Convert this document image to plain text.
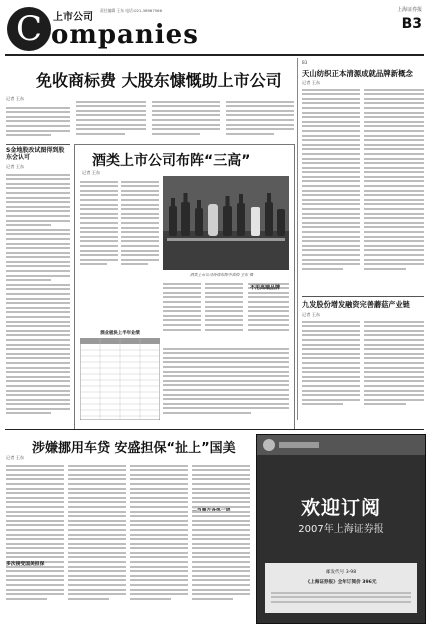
C	上市公司
ompanies
责任编辑 王东 电话:021-38967566	上海证券报
B3
免收商标费 大股东慷慨助上市公司
记者 王东
S金地股改试图得到股东会认可
记者 王东	酒类上市公司布阵“三高”
记者 王东
酒类上市公司持续布阵中高档 王东 摄
不用高端品牌
酒业板块上半年业绩
B3
天山纺织正本清源成就品牌新概念
记者 王东
九发股份增发融资完善蘑菇产业链
记者 王东
涉嫌挪用车贷 安盛担保“扯上”国美
记者 王东
多次接受国美担保
欢迎订阅
2007年上海证券报
邮发代号 3-98
《上海证券报》全年订阅价 396元
